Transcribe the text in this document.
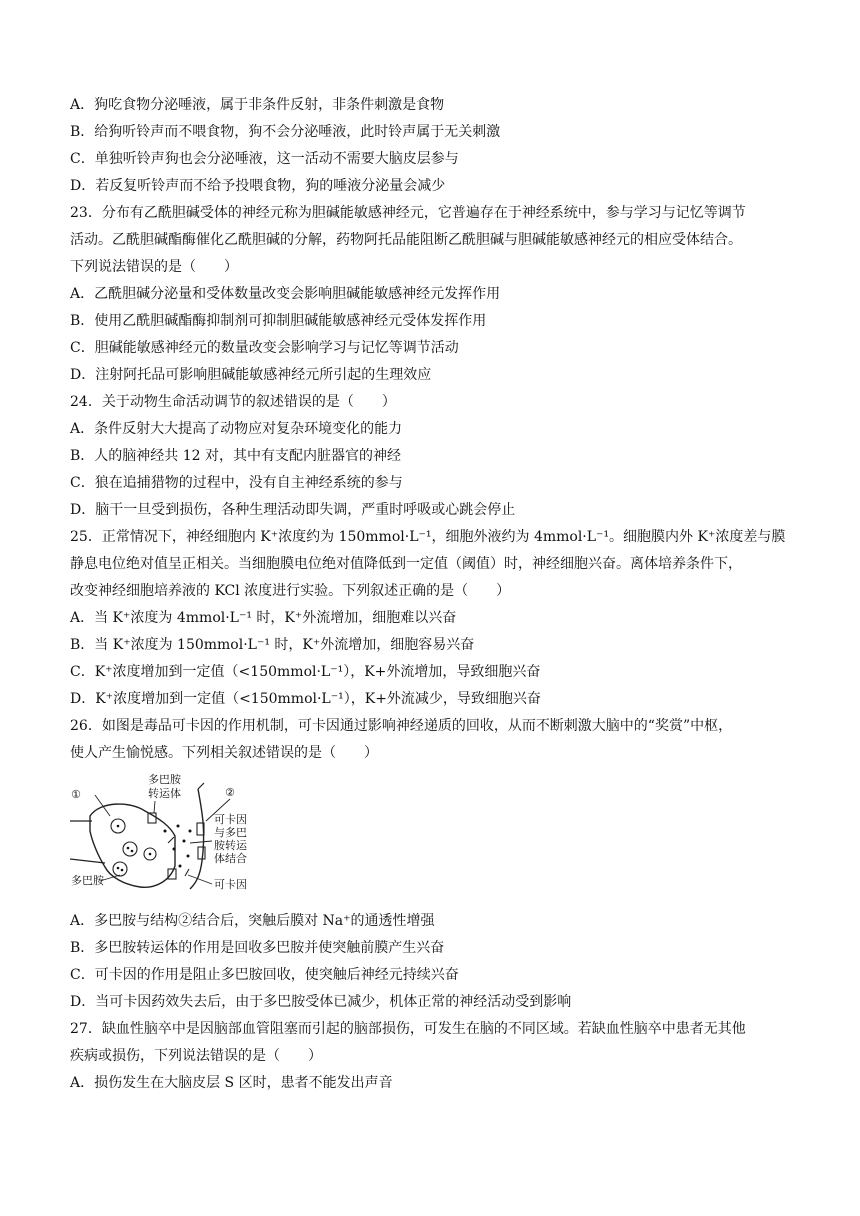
A．狗吃食物分泌唾液，属于非条件反射，非条件刺激是食物
B．给狗听铃声而不喂食物，狗不会分泌唾液，此时铃声属于无关刺激
C．单独听铃声狗也会分泌唾液，这一活动不需要大脑皮层参与
D．若反复听铃声而不给予投喂食物，狗的唾液分泌量会减少
23．分布有乙酰胆碱受体的神经元称为胆碱能敏感神经元，它普遍存在于神经系统中，参与学习与记忆等调节
活动。乙酰胆碱酯酶催化乙酰胆碱的分解，药物阿托品能阻断乙酰胆碱与胆碱能敏感神经元的相应受体结合。
下列说法错误的是（　　）
A．乙酰胆碱分泌量和受体数量改变会影响胆碱能敏感神经元发挥作用
B．使用乙酰胆碱酯酶抑制剂可抑制胆碱能敏感神经元受体发挥作用
C．胆碱能敏感神经元的数量改变会影响学习与记忆等调节活动
D．注射阿托品可影响胆碱能敏感神经元所引起的生理效应
24．关于动物生命活动调节的叙述错误的是（　　）
A．条件反射大大提高了动物应对复杂环境变化的能力
B．人的脑神经共 12 对，其中有支配内脏器官的神经
C．狼在追捕猎物的过程中，没有自主神经系统的参与
D．脑干一旦受到损伤，各种生理活动即失调，严重时呼吸或心跳会停止
25．正常情况下，神经细胞内 K⁺浓度约为 150mmol·L⁻¹，细胞外液约为 4mmol·L⁻¹。细胞膜内外 K⁺浓度差与膜
静息电位绝对值呈正相关。当细胞膜电位绝对值降低到一定值（阈值）时，神经细胞兴奋。离体培养条件下，
改变神经细胞培养液的 KCl 浓度进行实验。下列叙述正确的是（　　）
A．当 K⁺浓度为 4mmol·L⁻¹ 时，K⁺外流增加，细胞难以兴奋
B．当 K⁺浓度为 150mmol·L⁻¹ 时，K⁺外流增加，细胞容易兴奋
C．K⁺浓度增加到一定值（<150mmol·L⁻¹），K+外流增加，导致细胞兴奋
D．K⁺浓度增加到一定值（<150mmol·L⁻¹），K+外流减少，导致细胞兴奋
26．如图是毒品可卡因的作用机制，可卡因通过影响神经递质的回收，从而不断刺激大脑中的“奖赏”中枢，
使人产生愉悦感。下列相关叙述错误的是（　　）
①	②
多巴胺
转运体
可卡因
与多巴
胺转运
体结合
可卡因
多巴胺
A．多巴胺与结构②结合后，突触后膜对 Na⁺的通透性增强
B．多巴胺转运体的作用是回收多巴胺并使突触前膜产生兴奋
C．可卡因的作用是阻止多巴胺回收，使突触后神经元持续兴奋
D．当可卡因药效失去后，由于多巴胺受体已减少，机体正常的神经活动受到影响
27．缺血性脑卒中是因脑部血管阻塞而引起的脑部损伤，可发生在脑的不同区域。若缺血性脑卒中患者无其他
疾病或损伤，下列说法错误的是（　　）
A．损伤发生在大脑皮层 S 区时，患者不能发出声音
